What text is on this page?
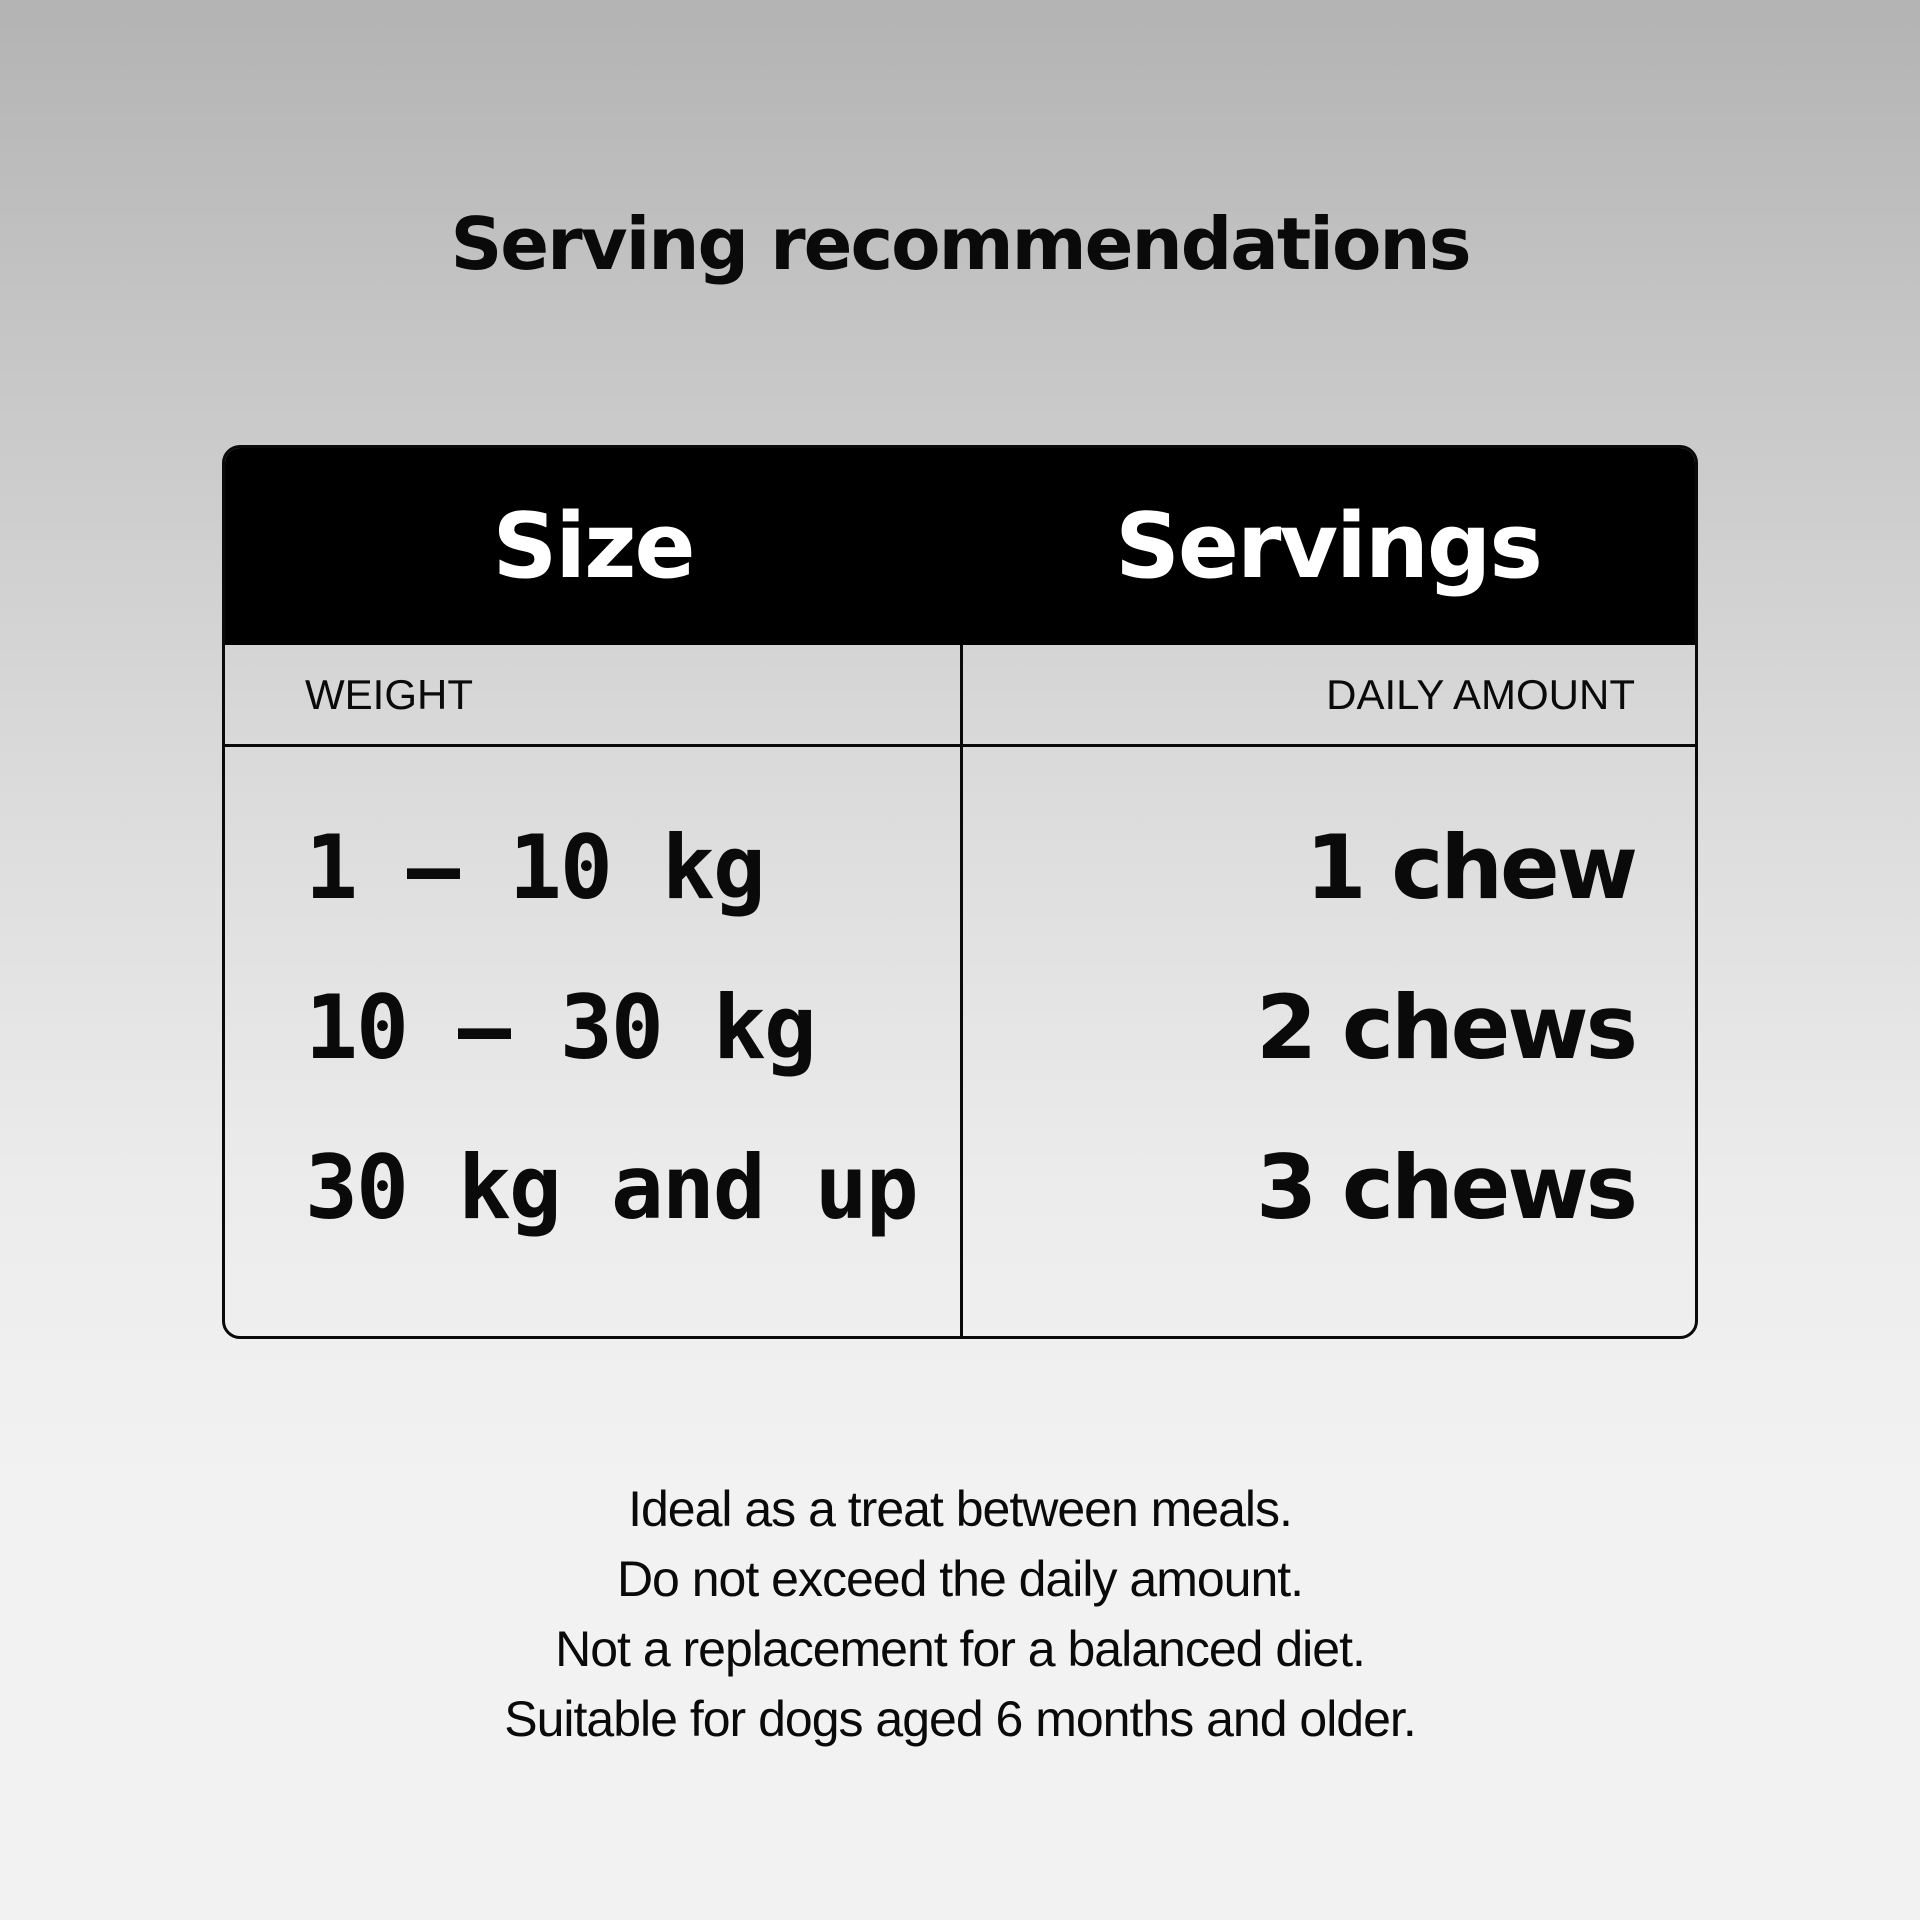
Serving recommendations
Size	Servings
WEIGHT	DAILY AMOUNT
1 – 10 kg	1 chew
10 – 30 kg	2 chews
30 kg and up	3 chews
Ideal as a treat between meals.
Do not exceed the daily amount.
Not a replacement for a balanced diet.
Suitable for dogs aged 6 months and older.
